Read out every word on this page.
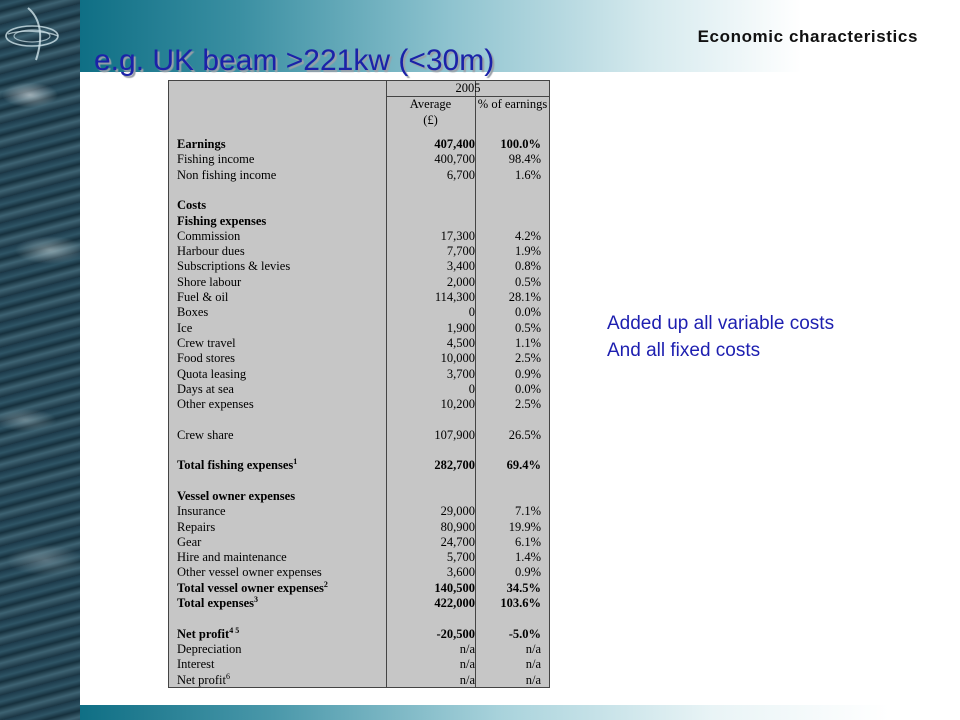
Economic characteristics
e.g. UK beam >221kw (<30m)
2005
Average
(£)
% of earnings
Earnings	407,400	100.0%
Fishing income	400,700	98.4%
Non fishing income	6,700	1.6%
Costs
Fishing expenses
Commission	17,300	4.2%
Harbour dues	7,700	1.9%
Subscriptions & levies	3,400	0.8%
Shore labour	2,000	0.5%
Fuel & oil	114,300	28.1%
Boxes	0	0.0%
Ice	1,900	0.5%
Crew travel	4,500	1.1%
Food stores	10,000	2.5%
Quota leasing	3,700	0.9%
Days at sea	0	0.0%
Other expenses	10,200	2.5%
Crew share	107,900	26.5%
Total fishing expenses$^1$	282,700	69.4%
Vessel owner expenses
Insurance	29,000	7.1%
Repairs	80,900	19.9%
Gear	24,700	6.1%
Hire and maintenance	5,700	1.4%
Other vessel owner expenses	3,600	0.9%
Total vessel owner expenses$^2$	140,500	34.5%
Total expenses$^3$	422,000	103.6%
Net profit$^{4 5}$	-20,500	-5.0%
Depreciation	n/a	n/a
Interest	n/a	n/a
Net profit$^6$	n/a	n/a
Added up all variable costs
And all fixed costs
